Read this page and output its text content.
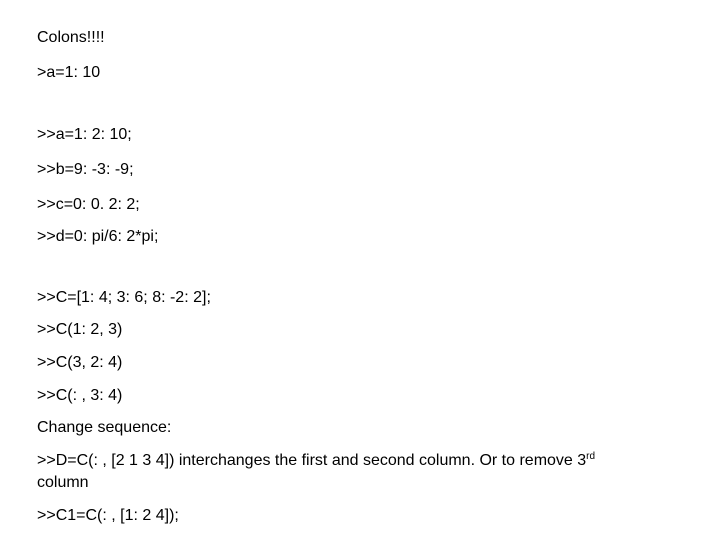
Colons!!!!
>a=1: 10
>>a=1: 2: 10;
>>b=9: -3: -9;
>>c=0: 0. 2: 2;
>>d=0: pi/6: 2*pi;
>>C=[1: 4; 3: 6; 8: -2: 2];
>>C(1: 2, 3)
>>C(3, 2: 4)
>>C(: , 3: 4)
Change sequence:
>>D=C(: , [2 1 3 4]) interchanges the first and second column. Or to remove 3rd
column
>>C1=C(: , [1: 2 4]);
